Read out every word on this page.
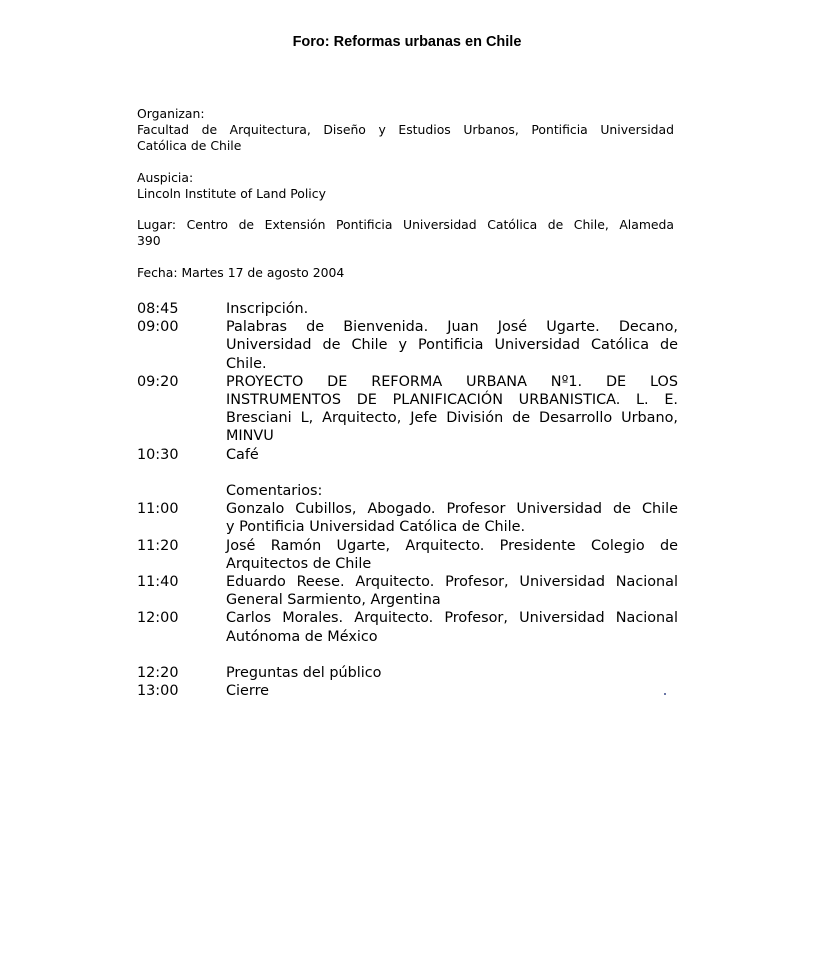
Foro: Reformas urbanas en Chile
Organizan:
Facultad de Arquitectura, Diseño y Estudios Urbanos, Pontificia Universidad
Católica de Chile
Auspicia:
Lincoln Institute of Land Policy
Lugar: Centro de Extensión Pontificia Universidad Católica de Chile, Alameda
390
Fecha: Martes 17 de agosto 2004
08:45	Inscripción.
09:00	Palabras de Bienvenida. Juan José Ugarte. Decano,
Universidad de Chile y Pontificia Universidad Católica de
Chile.
09:20	PROYECTO DE REFORMA URBANA Nº1. DE LOS
INSTRUMENTOS DE PLANIFICACIÓN URBANISTICA. L. E.
Bresciani L, Arquitecto, Jefe División de Desarrollo Urbano,
MINVU
10:30	Café
Comentarios:
11:00	Gonzalo Cubillos, Abogado. Profesor Universidad de Chile
y Pontificia Universidad Católica de Chile.
11:20	José Ramón Ugarte, Arquitecto. Presidente Colegio de
Arquitectos de Chile
11:40	Eduardo Reese. Arquitecto. Profesor, Universidad Nacional
General Sarmiento, Argentina
12:00	Carlos Morales. Arquitecto. Profesor, Universidad Nacional
Autónoma de México
12:20	Preguntas del público
13:00	Cierre
